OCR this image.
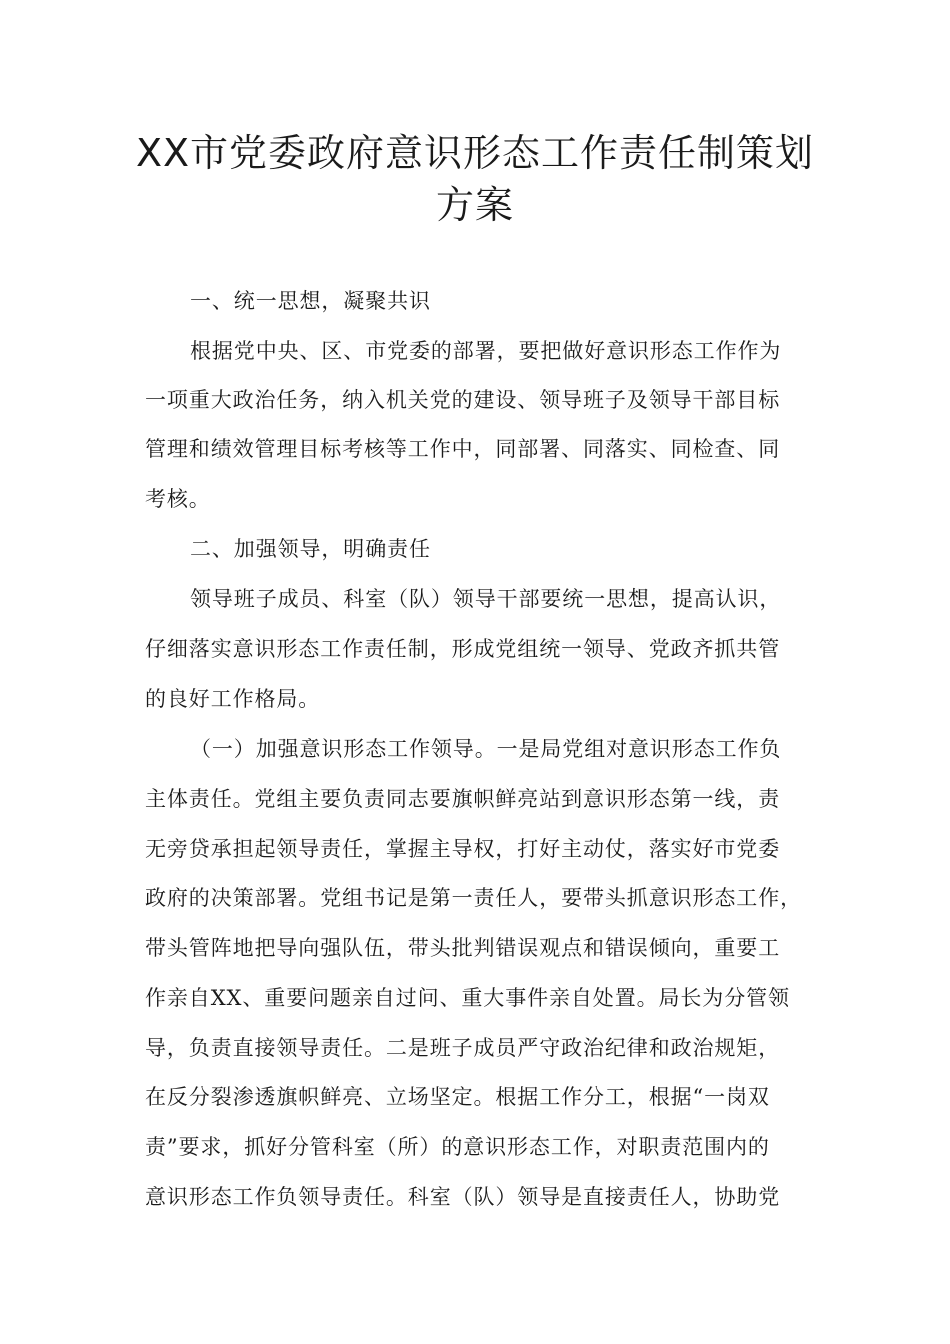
XX市党委政府意识形态工作责任制策划
方案
一、统一思想，凝聚共识
根据党中央、区、市党委的部署，要把做好意识形态工作作为
一项重大政治任务，纳入机关党的建设、领导班子及领导干部目标
管理和绩效管理目标考核等工作中，同部署、同落实、同检查、同
考核。
二、加强领导，明确责任
领导班子成员、科室（队）领导干部要统一思想，提高认识，
仔细落实意识形态工作责任制，形成党组统一领导、党政齐抓共管
的良好工作格局。
（一）加强意识形态工作领导。一是局党组对意识形态工作负
主体责任。党组主要负责同志要旗帜鲜亮站到意识形态第一线，责
无旁贷承担起领导责任，掌握主导权，打好主动仗，落实好市党委
政府的决策部署。党组书记是第一责任人，要带头抓意识形态工作，
带头管阵地把导向强队伍，带头批判错误观点和错误倾向，重要工
作亲自XX、重要问题亲自过问、重大事件亲自处置。局长为分管领
导，负责直接领导责任。二是班子成员严守政治纪律和政治规矩，
在反分裂渗透旗帜鲜亮、立场坚定。根据工作分工，根据“一岗双
责”要求，抓好分管科室（所）的意识形态工作，对职责范围内的
意识形态工作负领导责任。科室（队）领导是直接责任人，协助党
